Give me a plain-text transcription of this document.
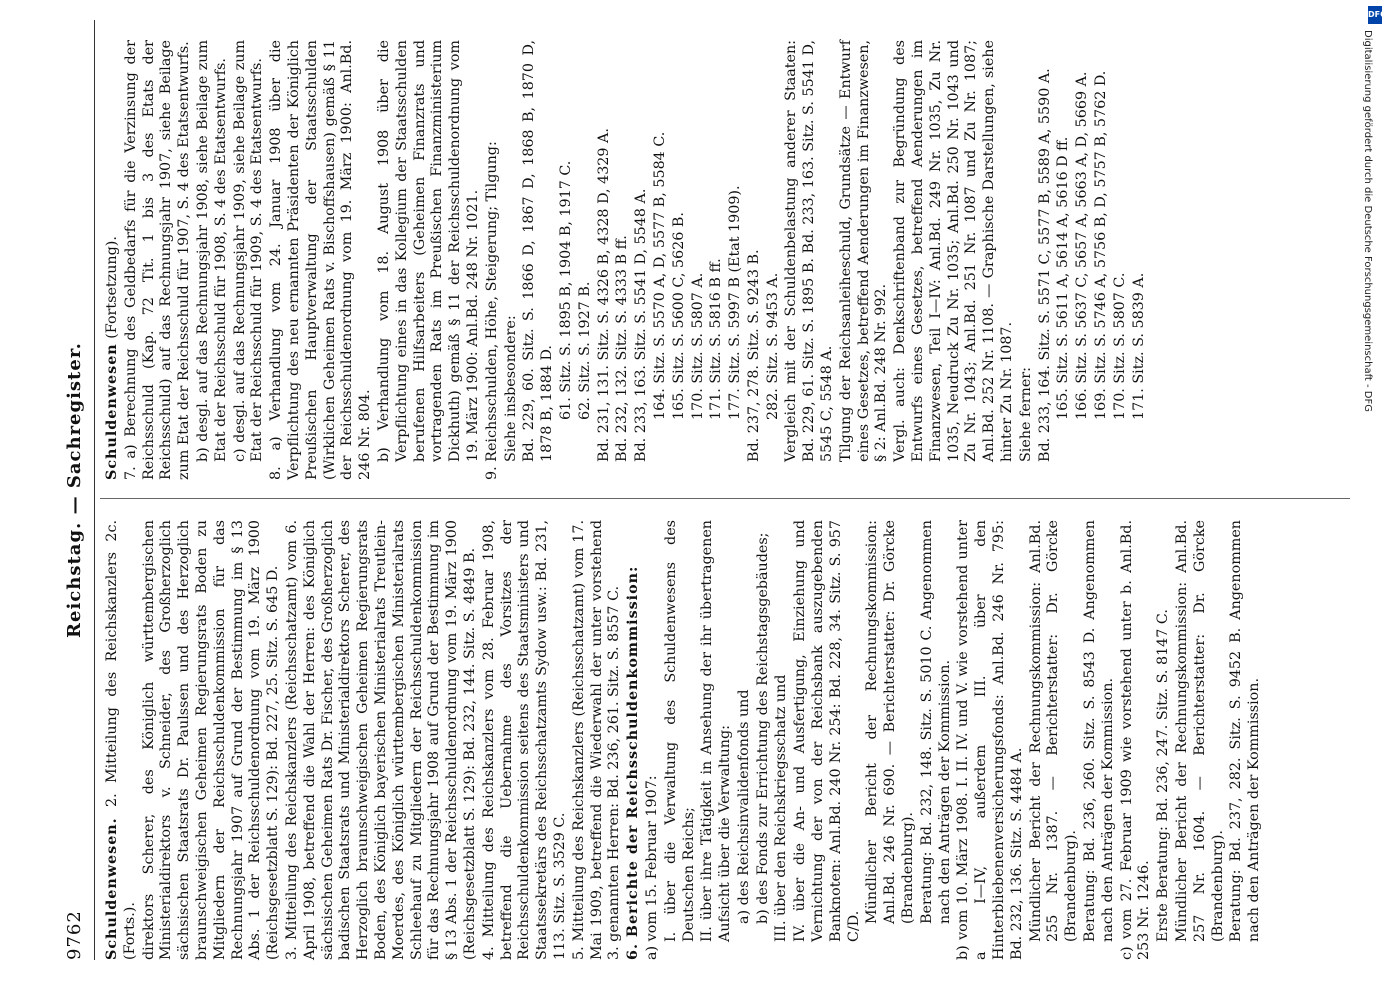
9762
Reichstag. — Sachregister.

Schuldenwesen. 2. Mitteilung des Reichskanzlers 2c. (Forts.). direktors Scherer, des Königlich württembergischen Ministerialdirektors v. Schneider, des Großherzoglich sächsischen Staatsrats Dr. Paulssen und des Herzoglich braunschweigischen Geheimen Regierungsrats Boden zu Mitgliedern der Reichsschuldenkommission für das Rechnungsjahr 1907 auf Grund der Bestimmung im § 13 Abs. 1 der Reichsschuldenordnung vom 19. März 1900 (Reichsgesetzblatt S. 129): Bd. 227, 25. Sitz. S. 645 D. 3. Mitteilung des Reichskanzlers (Reichsschatzamt) vom 6. April 1908, betreffend die Wahl der Herren: des Königlich sächsischen Geheimen Rats Dr. Fischer, des Großherzoglich badischen Staatsrats und Ministerialdirektors Scherer, des Herzoglich braunschweigischen Geheimen Regierungsrats Boden, des Königlich bayerischen Ministerialrats Treutlein-Moerdes, des Königlich württembergischen Ministerialrats Schleehauf zu Mitgliedern der Reichsschuldenkommission für das Rechnungsjahr 1908 auf Grund der Bestimmung im § 13 Abs. 1 der Reichsschuldenordnung vom 19. März 1900 (Reichsgesetzblatt S. 129): Bd. 232, 144. Sitz. S. 4849 B. 4. Mitteilung des Reichskanzlers vom 28. Februar 1908, betreffend die Uebernahme des Vorsitzes der Reichsschuldenkommission seitens des Staatsministers und Staatssekretärs des Reichsschatzamts Sydow usw.: Bd. 231, 113. Sitz. S. 3529 C. 5. Mitteilung des Reichskanzlers (Reichsschatzamt) vom 17. Mai 1909, betreffend die Wiederwahl der unter vorstehend 3. genannten Herren: Bd. 236, 261. Sitz. S. 8557 C. 6. Berichte der Reichsschuldenkommission: a) vom 15. Februar 1907: I. über die Verwaltung des Schuldenwesens des Deutschen Reichs; II. über ihre Tätigkeit in Ansehung der ihr übertragenen Aufsicht über die Verwaltung: a) des Reichsinvalidenfonds und b) des Fonds zur Errichtung des Reichstagsgebäudes; III. über den Reichskriegsschatz und IV. über die An- und Ausfertigung, Einziehung und Vernichtung der von der Reichsbank auszugebenden Banknoten: Anl.Bd. 240 Nr. 254: Bd. 228, 34. Sitz. S. 957 C/D.

Mündlicher Bericht der Rechnungskommission: Anl.Bd. 246 Nr. 690. — Berichterstatter: Dr. Görcke (Brandenburg). Beratung: Bd. 232, 148. Sitz. S. 5010 C. Angenommen nach den Anträgen der Kommission. b) vom 10. März 1908. I. II. IV. und V. wie vorstehend unter a I—IV, außerdem III. über den Hinterbliebenenversicherungsfonds: Anl.Bd. 246 Nr. 795: Bd. 232, 136. Sitz. S. 4484 A. Mündlicher Bericht der Rechnungskommission: Anl.Bd. 255 Nr. 1387. — Berichterstatter: Dr. Görcke (Brandenburg). Beratung: Bd. 236, 260. Sitz. S. 8543 D. Angenommen nach den Anträgen der Kommission. c) vom 27. Februar 1909 wie vorstehend unter b. Anl.Bd. 253 Nr. 1246. Erste Beratung: Bd. 236, 247. Sitz. S. 8147 C. Mündlicher Bericht der Rechnungskommission: Anl.Bd. 257 Nr. 1604. — Berichterstatter: Dr. Görcke (Brandenburg). Beratung: Bd. 237, 282. Sitz. S. 9452 B. Angenommen nach den Anträgen der Kommission.

Schuldenwesen (Fortsetzung). 7. a) Berechnung des Geldbedarfs für die Verzinsung der Reichsschuld (Kap. 72 Tit. 1 bis 3 des Etats der Reichsschuld) auf das Rechnungsjahr 1907, siehe Beilage zum Etat der Reichsschuld für 1907, S. 4 des Etatsentwurfs. b) desgl. auf das Rechnungsjahr 1908, siehe Beilage zum Etat der Reichsschuld für 1908, S. 4 des Etatsentwurfs. c) desgl. auf das Rechnungsjahr 1909, siehe Beilage zum Etat der Reichsschuld für 1909, S. 4 des Etatsentwurfs. 8. a) Verhandlung vom 24. Januar 1908 über die Verpflichtung des neu ernannten Präsidenten der Königlich Preußischen Hauptverwaltung der Staatsschulden (Wirklichen Geheimen Rats v. Bischoffshausen) gemäß § 11 der Reichsschuldenordnung vom 19. März 1900: Anl.Bd. 246 Nr. 804. b) Verhandlung vom 18. August 1908 über die Verpflichtung eines in das Kollegium der Staatsschulden berufenen Hilfsarbeiters (Geheimen Finanzrats und vortragenden Rats im Preußischen Finanzministerium Dickhuth) gemäß § 11 der Reichsschuldenordnung vom 19. März 1900: Anl.Bd. 248 Nr. 1021. 9. Reichsschulden, Höhe, Steigerung; Tilgung: Siehe insbesondere: Bd. 229, 60. Sitz. S. 1866 D, 1867 D, 1868 B, 1870 D, 1878 B, 1884 D. 61. Sitz. S. 1895 B, 1904 B, 1917 C. 62. Sitz. S. 1927 B. Bd. 231, 131. Sitz. S. 4326 B, 4328 D, 4329 A. Bd. 232, 132. Sitz. S. 4333 B ff. Bd. 233, 163. Sitz. S. 5541 D, 5548 A. 164. Sitz. S. 5570 A, D, 5577 B, 5584 C. 165. Sitz. S. 5600 C, 5626 B. 170. Sitz. S. 5807 A. 171. Sitz. S. 5816 B ff. 177. Sitz. S. 5997 B (Etat 1909). Bd. 237, 278. Sitz. S. 9243 B. 282. Sitz. S. 9453 A. Vergleich mit der Schuldenbelastung anderer Staaten: Bd. 229, 61. Sitz. S. 1895 B. Bd. 233, 163. Sitz. S. 5541 D, 5545 C, 5548 A. Tilgung der Reichsanleiheschuld, Grundsätze — Entwurf eines Gesetzes, betreffend Aenderungen im Finanzwesen, § 2: Anl.Bd. 248 Nr. 992. Vergl. auch: Denkschriftenband zur Begründung des Entwurfs eines Gesetzes, betreffend Aenderungen im Finanzwesen, Teil I—IV: Anl.Bd. 249 Nr. 1035, Zu Nr. 1035, Neudruck Zu Nr. 1035; Anl.Bd. 250 Nr. 1043 und Zu Nr. 1043; Anl.Bd. 251 Nr. 1087 und Zu Nr. 1087; Anl.Bd. 252 Nr. 1108. — Graphische Darstellungen, siehe hinter Zu Nr. 1087. Siehe ferner: Bd. 233, 164. Sitz. S. 5571 C, 5577 B, 5589 A, 5590 A. 165. Sitz. S. 5611 A, 5614 A, 5616 D ff. 166. Sitz. S. 5637 C, 5657 A, 5663 A, D, 5669 A. 169. Sitz. S. 5746 A, 5756 B, D, 5757 B, 5762 D. 170. Sitz. S. 5807 C. 171. Sitz. S. 5839 A.

DFG
Digitalisierung gefördert durch die Deutsche Forschungsgemeinschaft - DFG
